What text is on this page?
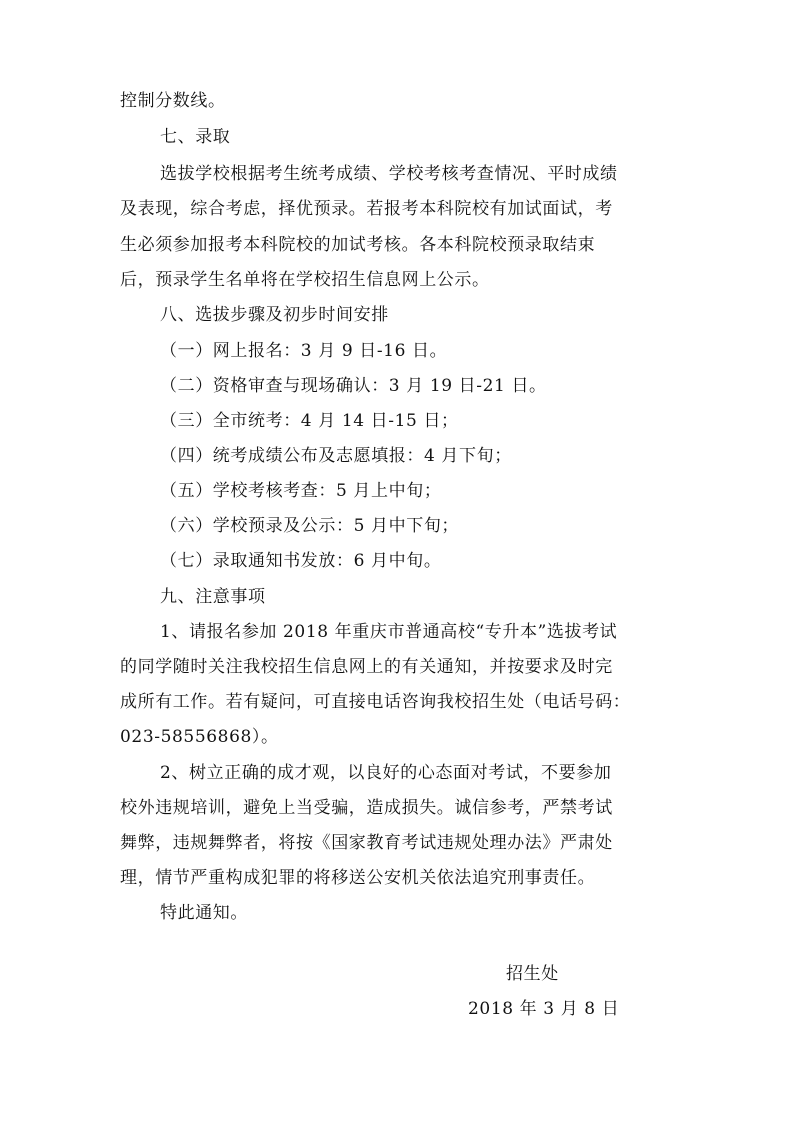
控制分数线。
七、录取
选拔学校根据考生统考成绩、学校考核考查情况、平时成绩
及表现，综合考虑，择优预录。若报考本科院校有加试面试，考
生必须参加报考本科院校的加试考核。各本科院校预录取结束
后，预录学生名单将在学校招生信息网上公示。
八、选拔步骤及初步时间安排
（一）网上报名：3 月 9 日-16 日。
（二）资格审查与现场确认：3 月 19 日-21 日。
（三）全市统考：4 月 14 日-15 日；
（四）统考成绩公布及志愿填报：4 月下旬；
（五）学校考核考查：5 月上中旬；
（六）学校预录及公示：5 月中下旬；
（七）录取通知书发放：6 月中旬。
九、注意事项
1、请报名参加 2018 年重庆市普通高校“专升本”选拔考试
的同学随时关注我校招生信息网上的有关通知，并按要求及时完
成所有工作。若有疑问，可直接电话咨询我校招生处（电话号码：
023-58556868）。
2、树立正确的成才观，以良好的心态面对考试，不要参加
校外违规培训，避免上当受骗，造成损失。诚信参考，严禁考试
舞弊，违规舞弊者，将按《国家教育考试违规处理办法》严肃处
理，情节严重构成犯罪的将移送公安机关依法追究刑事责任。
特此通知。
招生处
2018 年 3 月 8 日
